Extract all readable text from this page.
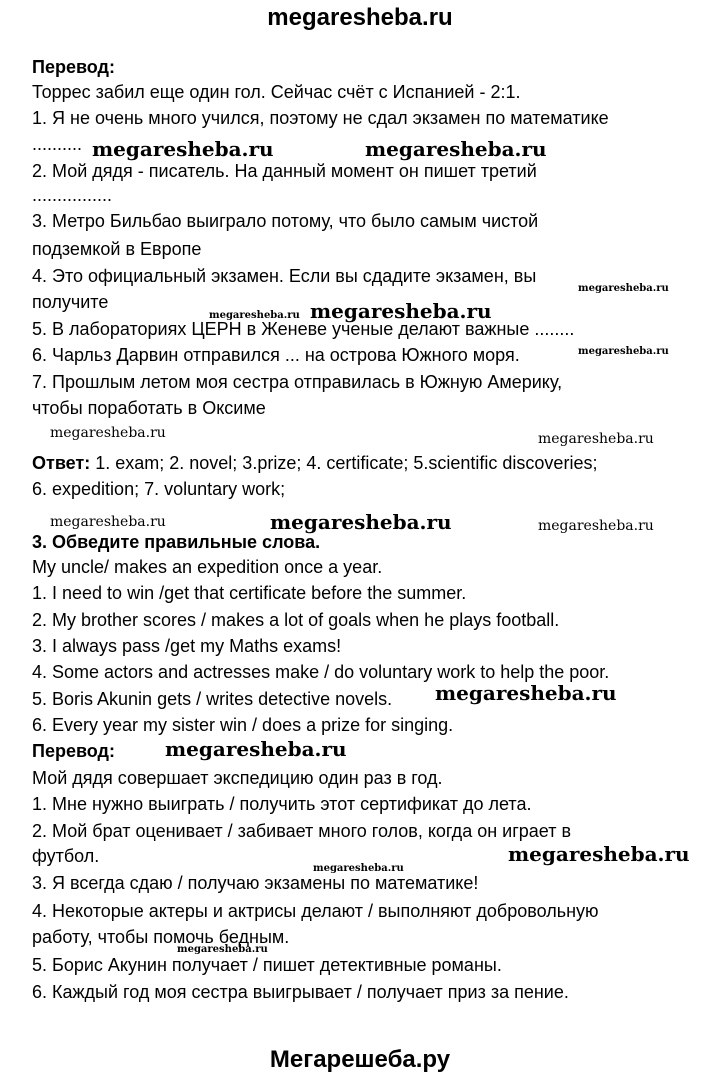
megaresheba.ru
Перевод:
Торрес забил еще один гол. Сейчас счёт с Испанией - 2:1.
1. Я не очень много учился, поэтому не сдал экзамен по математике
..........
2. Мой дядя - писатель. На данный момент он пишет третий
................
3. Метро Бильбао выиграло потому, что было самым чистой
подземкой в Европе
4. Это официальный экзамен. Если вы сдадите экзамен, вы
получите
5. В лабораториях ЦЕРН в Женеве ученые делают важные ........
6. Чарльз Дарвин отправился ... на острова Южного моря.
7. Прошлым летом моя сестра отправилась в Южную Америку,
чтобы поработать в Оксиме
Ответ: 1. exam; 2. novel; 3.prize; 4. certificate; 5.scientific discoveries;
6. expedition; 7. voluntary work;
3. Обведите правильные слова.
My uncle/ makes an expedition once a year.
1. I need to win /get that certificate before the summer.
2. My brother scores / makes a lot of goals when he plays football.
3. I always pass /get my Maths exams!
4. Some actors and actresses make / do voluntary work to help the poor.
5. Boris Akunin gets / writes detective novels.
6. Every year my sister win / does a prize for singing.
Перевод:
Мой дядя совершает экспедицию один раз в год.
1. Мне нужно выиграть / получить этот сертификат до лета.
2. Мой брат оценивает / забивает много голов, когда он играет в
футбол.
3. Я всегда сдаю / получаю экзамены по математике!
4. Некоторые актеры и актрисы делают / выполняют добровольную
работу, чтобы помочь бедным.
5. Борис Акунин получает / пишет детективные романы.
6. Каждый год моя сестра выигрывает / получает приз за пение.
megaresheba.ru	megaresheba.ru
megaresheba.ru
megaresheba.ru megaresheba.ru
megaresheba.ru
megaresheba.ru	megaresheba.ru
megaresheba.ru	megaresheba.ru	megaresheba.ru
megaresheba.ru
megaresheba.ru
megaresheba.ru
megaresheba.ru
megaresheba.ru
Мегарешеба.ру
